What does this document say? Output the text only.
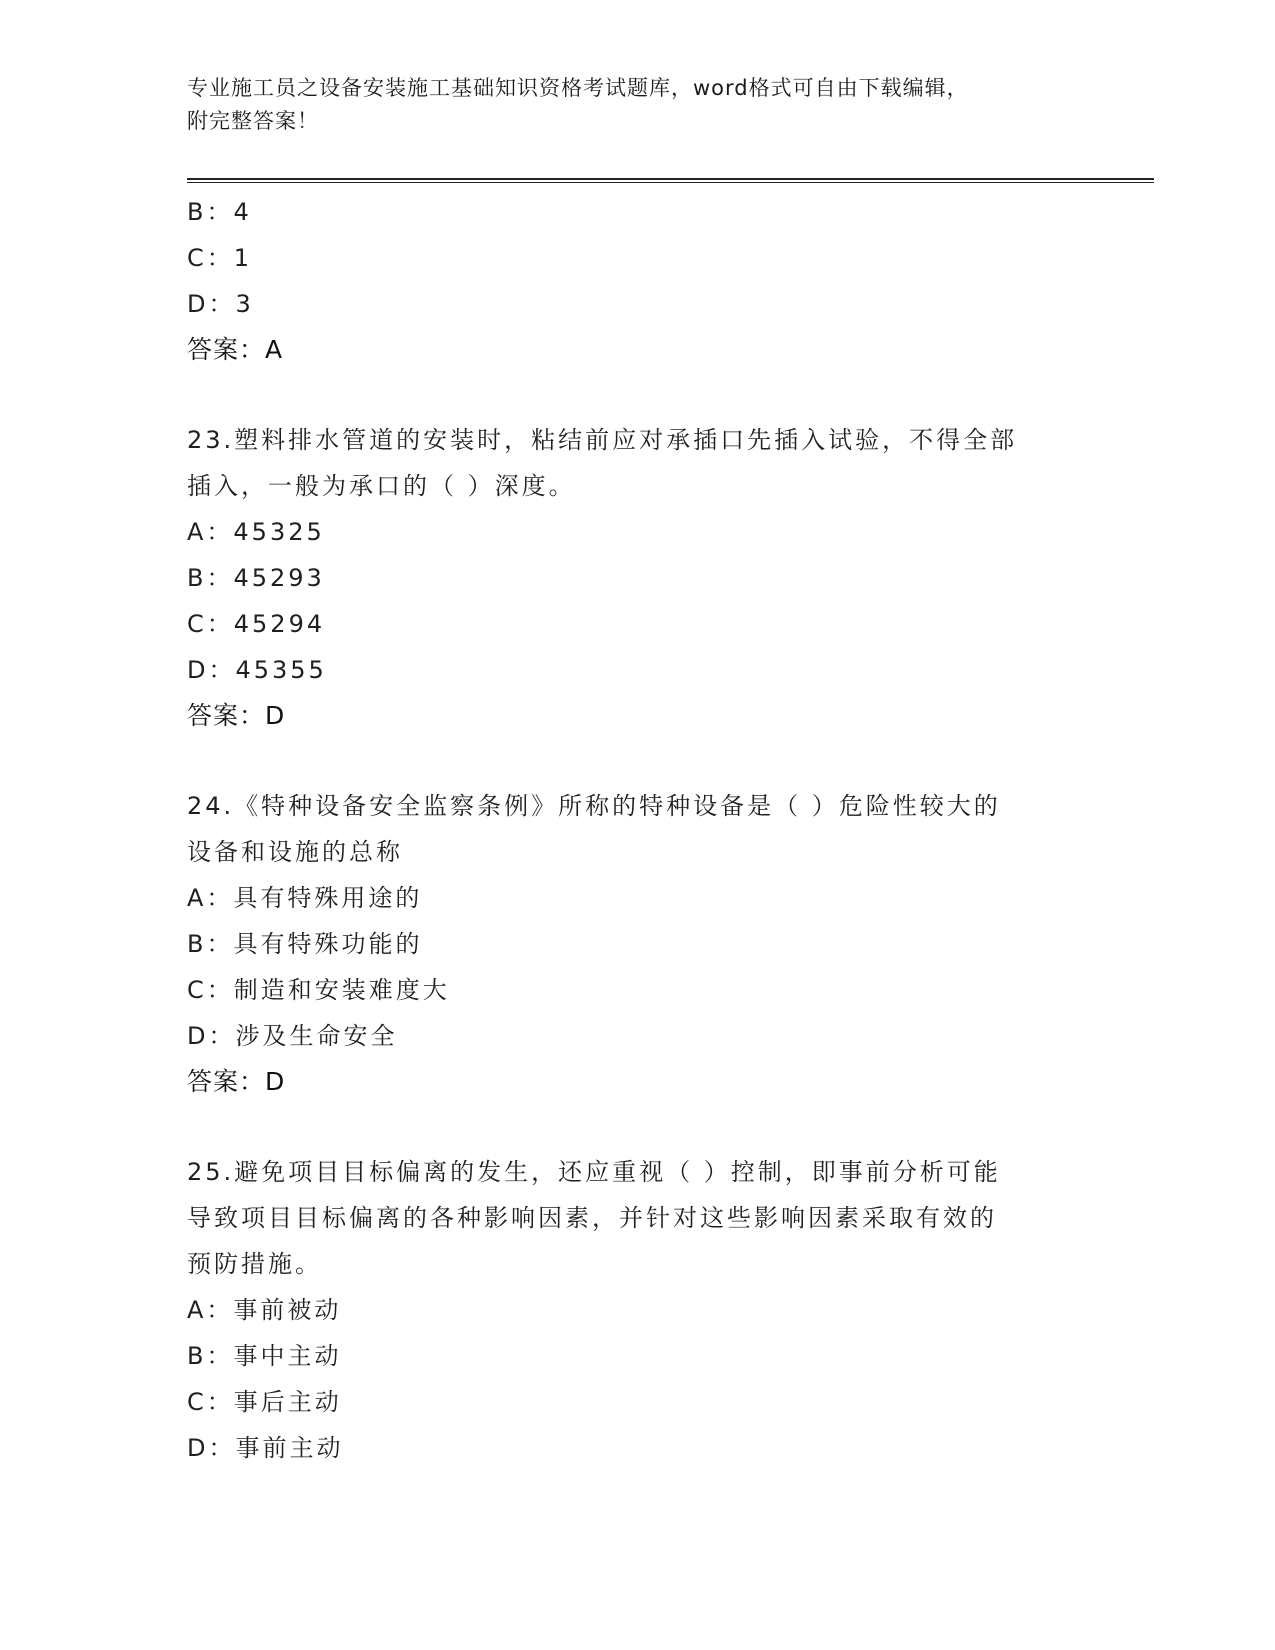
专业施工员之设备安装施工基础知识资格考试题库，word格式可自由下载编辑，
附完整答案！
B：4
C：1
D：3
答案：A
23.塑料排水管道的安装时，粘结前应对承插口先插入试验，不得全部
插入，一般为承口的（ ）深度。
A：45325
B：45293
C：45294
D：45355
答案：D
24.《特种设备安全监察条例》所称的特种设备是（ ）危险性较大的
设备和设施的总称
A：具有特殊用途的
B：具有特殊功能的
C：制造和安装难度大
D：涉及生命安全
答案：D
25.避免项目目标偏离的发生，还应重视（ ）控制，即事前分析可能
导致项目目标偏离的各种影响因素，并针对这些影响因素采取有效的
预防措施。
A：事前被动
B：事中主动
C：事后主动
D：事前主动
